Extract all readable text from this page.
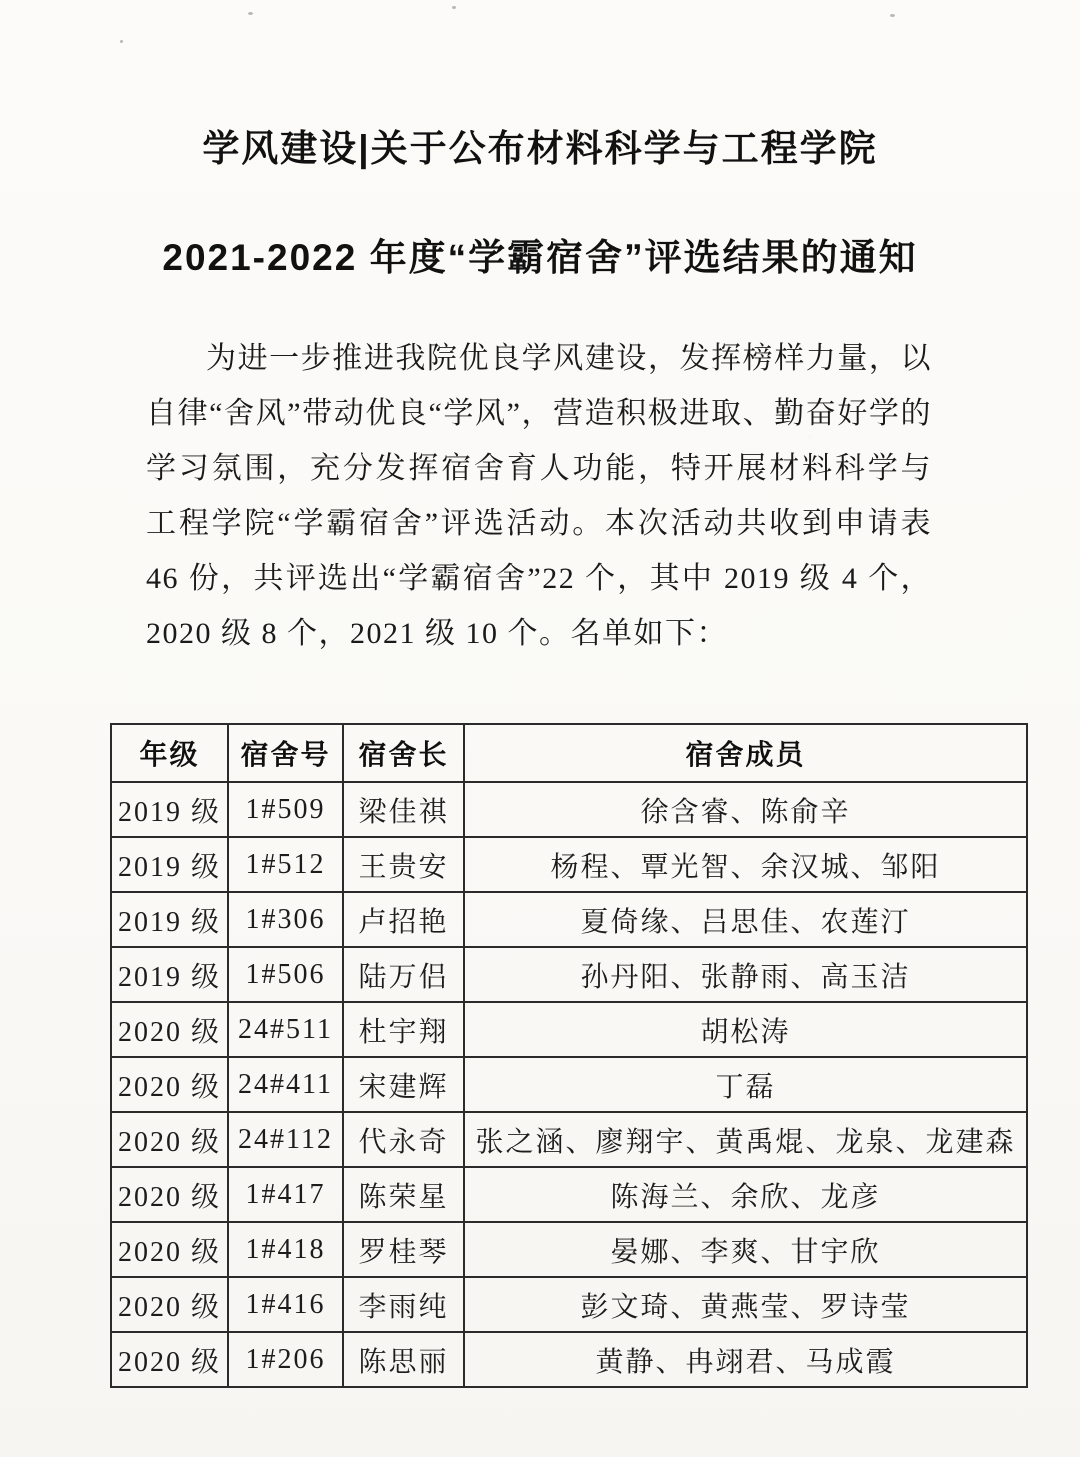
学风建设|关于公布材料科学与工程学院
2021-2022 年度“学霸宿舍”评选结果的通知

为进一步推进我院优良学风建设，发挥榜样力量，以自律“舍风”带动优良“学风”，营造积极进取、勤奋好学的学习氛围，充分发挥宿舍育人功能，特开展材料科学与工程学院“学霸宿舍”评选活动。本次活动共收到申请表 46 份，共评选出“学霸宿舍”22 个，其中 2019 级 4 个，2020 级 8 个，2021 级 10 个。名单如下：

年级	宿舍号	宿舍长	宿舍成员
2019 级	1#509	梁佳祺	徐含睿、陈俞辛
2019 级	1#512	王贵安	杨程、覃光智、余汉城、邹阳
2019 级	1#306	卢招艳	夏倚缘、吕思佳、农莲汀
2019 级	1#506	陆万侣	孙丹阳、张静雨、高玉洁
2020 级	24#511	杜宇翔	胡松涛
2020 级	24#411	宋建辉	丁磊
2020 级	24#112	代永奇	张之涵、廖翔宇、黄禹焜、龙泉、龙建森
2020 级	1#417	陈荣星	陈海兰、余欣、龙彦
2020 级	1#418	罗桂琴	晏娜、李爽、甘宇欣
2020 级	1#416	李雨纯	彭文琦、黄燕莹、罗诗莹
2020 级	1#206	陈思丽	黄静、冉翊君、马成霞
